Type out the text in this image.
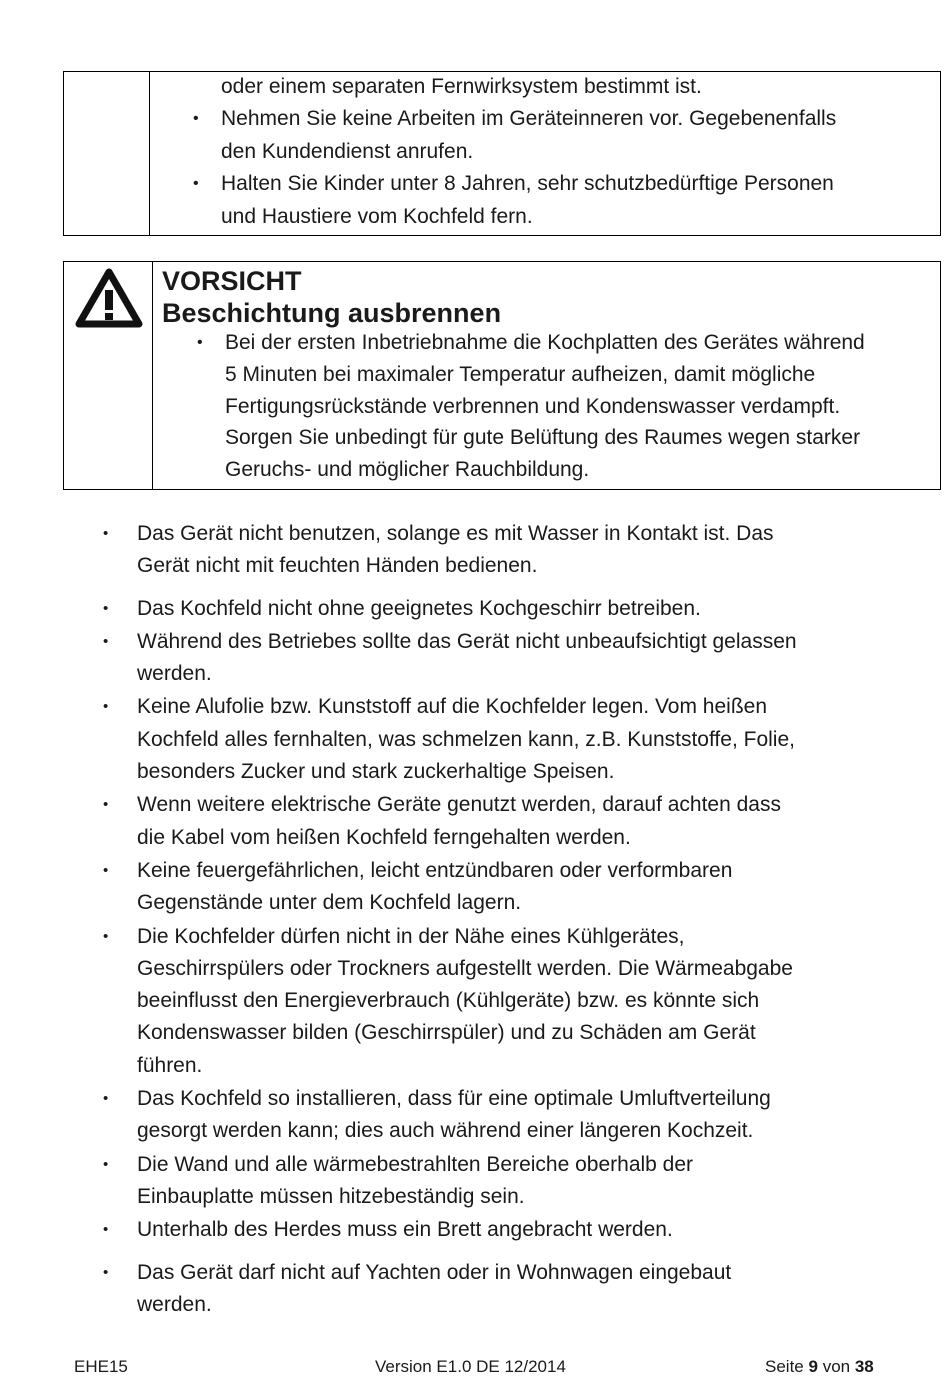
oder einem separaten Fernwirksystem bestimmt ist.
• Nehmen Sie keine Arbeiten im Geräteinneren vor. Gegebenenfalls
den Kundendienst anrufen.
• Halten Sie Kinder unter 8 Jahren, sehr schutzbedürftige Personen
und Haustiere vom Kochfeld fern.
VORSICHT
Beschichtung ausbrennen
• Bei der ersten Inbetriebnahme die Kochplatten des Gerätes während
5 Minuten bei maximaler Temperatur aufheizen, damit mögliche
Fertigungsrückstände verbrennen und Kondenswasser verdampft.
Sorgen Sie unbedingt für gute Belüftung des Raumes wegen starker
Geruchs- und möglicher Rauchbildung.
• Das Gerät nicht benutzen, solange es mit Wasser in Kontakt ist. Das
Gerät nicht mit feuchten Händen bedienen.
• Das Kochfeld nicht ohne geeignetes Kochgeschirr betreiben.
• Während des Betriebes sollte das Gerät nicht unbeaufsichtigt gelassen
werden.
• Keine Alufolie bzw. Kunststoff auf die Kochfelder legen. Vom heißen
Kochfeld alles fernhalten, was schmelzen kann, z.B. Kunststoffe, Folie,
besonders Zucker und stark zuckerhaltige Speisen.
• Wenn weitere elektrische Geräte genutzt werden, darauf achten dass
die Kabel vom heißen Kochfeld ferngehalten werden.
• Keine feuergefährlichen, leicht entzündbaren oder verformbaren
Gegenstände unter dem Kochfeld lagern.
• Die Kochfelder dürfen nicht in der Nähe eines Kühlgerätes,
Geschirrspülers oder Trockners aufgestellt werden. Die Wärmeabgabe
beeinflusst den Energieverbrauch (Kühlgeräte) bzw. es könnte sich
Kondenswasser bilden (Geschirrspüler) und zu Schäden am Gerät
führen.
• Das Kochfeld so installieren, dass für eine optimale Umluftverteilung
gesorgt werden kann; dies auch während einer längeren Kochzeit.
• Die Wand und alle wärmebestrahlten Bereiche oberhalb der
Einbauplatte müssen hitzebeständig sein.
• Unterhalb des Herdes muss ein Brett angebracht werden.
• Das Gerät darf nicht auf Yachten oder in Wohnwagen eingebaut
werden.
EHE15	Version E1.0 DE 12/2014	Seite 9 von 38
